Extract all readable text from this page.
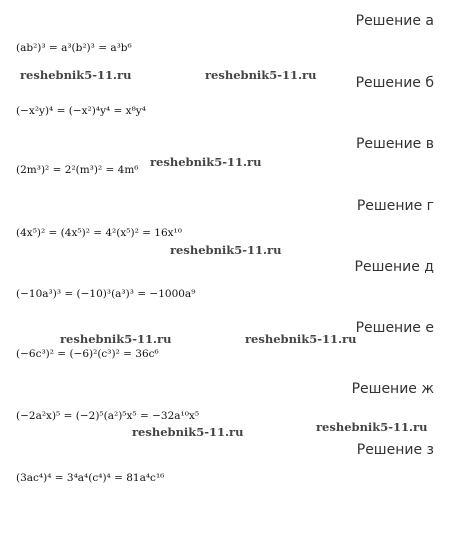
Решение а
(ab²)³ = a³(b²)³ = a³b⁶
reshebnik5-11.ru	reshebnik5-11.ru	Решение б
(−x²y)⁴ = (−x²)⁴y⁴ = x⁸y⁴
Решение в
reshebnik5-11.ru
(2m³)² = 2²(m³)² = 4m⁶
Решение г
(4x⁵)² = (4x⁵)² = 4²(x⁵)² = 16x¹⁰
reshebnik5-11.ru
Решение д
(−10a³)³ = (−10)³(a³)³ = −1000a⁹
Решение е
reshebnik5-11.ru	reshebnik5-11.ru
(−6c³)² = (−6)²(c³)² = 36c⁶
Решение ж
(−2a²x)⁵ = (−2)⁵(a²)⁵x⁵ = −32a¹⁰x⁵
reshebnik5-11.ru
reshebnik5-11.ru
Решение з
(3ac⁴)⁴ = 3⁴a⁴(c⁴)⁴ = 81a⁴c¹⁶
